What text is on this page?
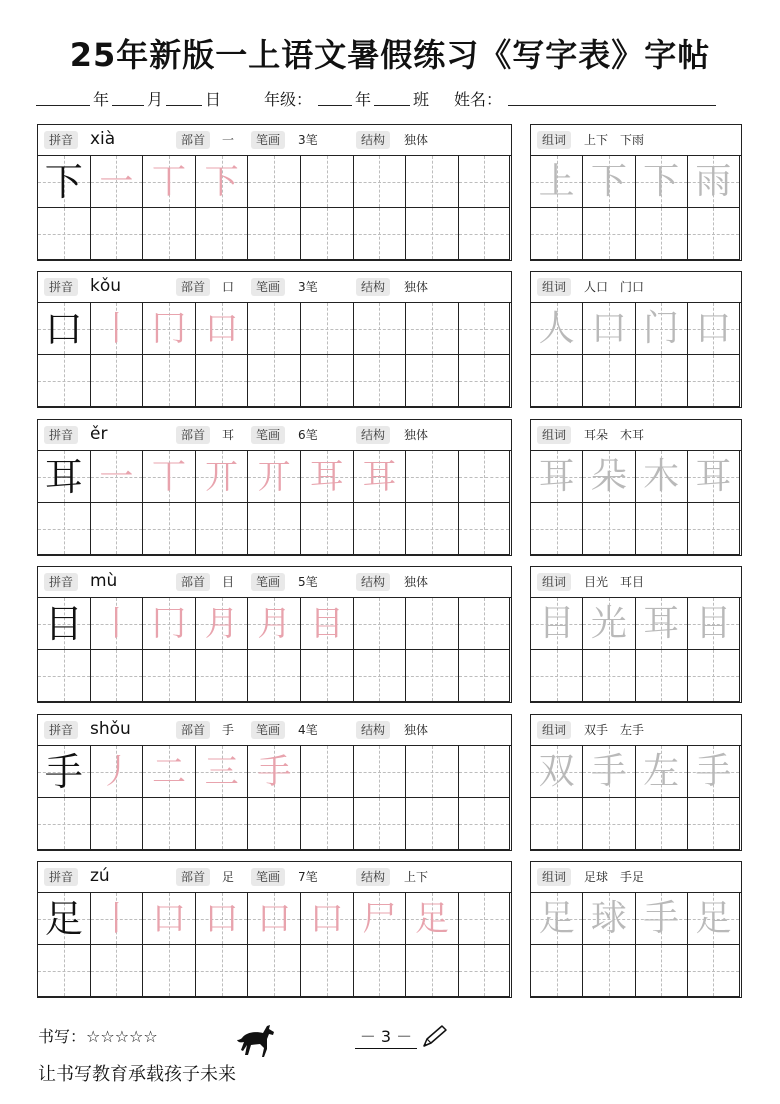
25年新版一上语文暑假练习《写字表》字帖
年 月	日	年级：	年	班 姓名：
拼音 xià	部首	一	笔画	3笔	结构	独体
下 一 丅 下
组词	上下　下雨
上 下 下 雨
拼音 kǒu	部首	口	笔画	3笔	结构	独体
口 丨 冂 口
组词	人口　门口
人 口 门 口
拼音 ěr	部首	耳	笔画	6笔	结构	独体
耳 一 丅 丌 丌 耳 耳
组词	耳朵　木耳
耳 朵 木 耳
拼音 mù	部首	目	笔画	5笔	结构	独体
目 丨 冂 月 月 目
组词	目光　耳目
目 光 耳 目
拼音 shǒu	部首	手	笔画	4笔	结构	独体
手 丿 二 三 手
组词	双手　左手
双 手 左 手
拼音 zú	部首	足	笔画	7笔	结构	上下
足 丨 口 口 口 口 尸 足
组词	足球　手足
足 球 手 足
书写：☆☆☆☆☆	－ 3 －
让书写教育承载孩子未来
